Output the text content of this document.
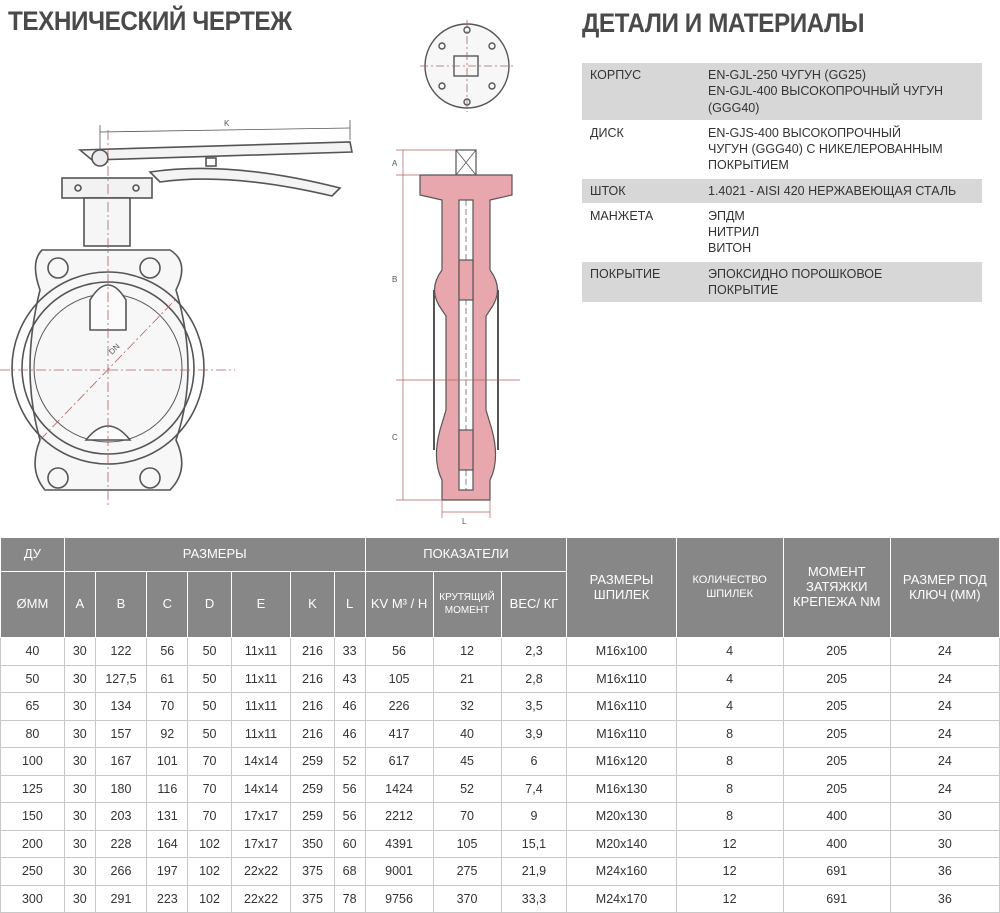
ТЕХНИЧЕСКИЙ ЧЕРТЕЖ	ДЕТАЛИ И МАТЕРИАЛЫ
DN
K
A
B
C
L
КОРПУС	EN-GJL-250 ЧУГУН (GG25)
EN-GJL-400 ВЫСОКОПРОЧНЫЙ ЧУГУН
(GGG40)

ДИСК	EN-GJS-400 ВЫСОКОПРОЧНЫЙ
ЧУГУН (GGG40) С НИКЕЛЕРОВАННЫМ
ПОКРЫТИЕМ

ШТОК	1.4021 - AISI 420 НЕРЖАВЕЮЩАЯ СТАЛЬ

МАНЖЕТА	ЭПДМ
НИТРИЛ
ВИТОН

ПОКРЫТИЕ	ЭПОКСИДНО ПОРОШКОВОЕ
ПОКРЫТИЕ
ДУ	РАЗМЕРЫ							ПОКАЗАТЕЛИ			РАЗМЕРЫ ШПИЛЕК	КОЛИЧЕСТВО ШПИЛЕК	МОМЕНТ ЗАТЯЖКИ КРЕПЕЖА NM	РАЗМЕР ПОД КЛЮЧ (MM)
ØMM	A	B	C	D	E	K	L	KV M³ / H	КРУТЯЩИЙ МОМЕНТ	ВЕС/ КГ				
40	30	122	56	50	11x11	216	33	56	12	2,3	M16x100	4	205	24
50	30	127,5	61	50	11x11	216	43	105	21	2,8	M16x110	4	205	24
65	30	134	70	50	11x11	216	46	226	32	3,5	M16x110	4	205	24
80	30	157	92	50	11x11	216	46	417	40	3,9	M16x110	8	205	24
100	30	167	101	70	14x14	259	52	617	45	6	M16x120	8	205	24
125	30	180	116	70	14x14	259	56	1424	52	7,4	M16x130	8	205	24
150	30	203	131	70	17x17	259	56	2212	70	9	M20x130	8	400	30
200	30	228	164	102	17x17	350	60	4391	105	15,1	M20x140	12	400	30
250	30	266	197	102	22x22	375	68	9001	275	21,9	M24x160	12	691	36
300	30	291	223	102	22x22	375	78	9756	370	33,3	M24x170	12	691	36
